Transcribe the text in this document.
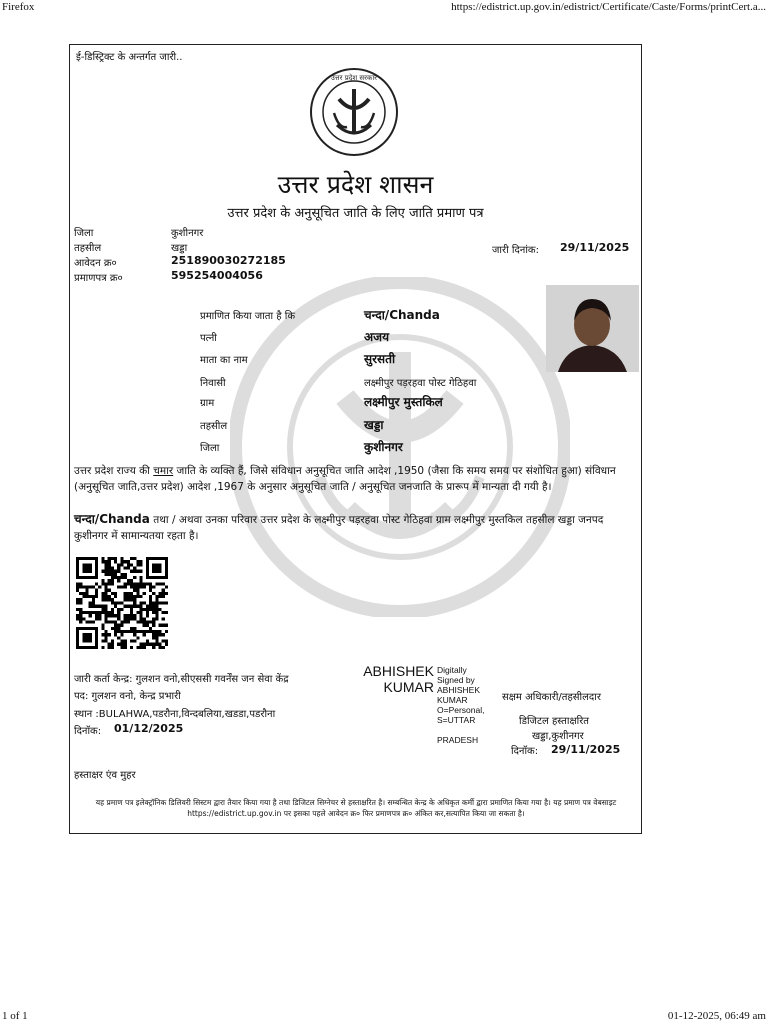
Firefox	https://edistrict.up.gov.in/edistrict/Certificate/Caste/Forms/printCert.a...
ई-डिस्ट्रिक्ट के अन्तर्गत जारी..
उत्तर प्रदेश सरकार
उत्तर प्रदेश शासन
उत्तर प्रदेश के अनुसूचित जाति के लिए जाति प्रमाण पत्र
जिला	कुशीनगर
तहसील	खड्डा
आवेदन क्र०	251890030272185
प्रमाणपत्र क्र०	595254004056
जारी दिनांक: 29/11/2025
प्रमाणित किया जाता है कि	चन्दा/Chanda
पत्नी	अजय
माता का नाम	सुरसती
निवासी	लक्ष्मीपुर पड़रहवा पोस्ट गेठिहवा
ग्राम	लक्ष्मीपुर मुस्तकिल
तहसील	खड्डा
जिला	कुशीनगर
उत्तर प्रदेश राज्य की चमार जाति के व्यक्ति हैं, जिसे संविधान अनुसूचित जाति आदेश ,1950 (जैसा कि समय समय पर संशोधित हुआ) संविधान (अनुसूचित जाति,उत्तर प्रदेश) आदेश ,1967 के अनुसार अनुसूचित जाति / अनुसूचित जनजाति के प्रारूप में मान्यता दी गयी है।
चन्दा/Chanda तथा / अथवा उनका परिवार उत्तर प्रदेश के लक्ष्मीपुर पड़रहवा पोस्ट गेठिहवा ग्राम लक्ष्मीपुर मुस्तकिल तहसील खड्डा जनपद कुशीनगर में सामान्यतया रहता है।
जारी कर्ता केन्द्र: गुलशन वनो,सीएससी गवर्नेंस जन सेवा केंद्र
पद: गुलशन वनो, केन्द्र प्रभारी
स्थान :BULAHWA,पडरौना,विन्दबलिया,खडडा,पडरौना
दिनॉक: 01/12/2025
ABHISHEK
KUMAR
Digitally
Signed by
ABHISHEK
KUMAR
O=Personal,
S=UTTAR
PRADESH
सक्षम अधिकारी/तहसीलदार
डिजिटल हस्ताक्षरित
खड्डा,कुशीनगर
दिनॉक: 29/11/2025
हस्ताक्षर एंव मुहर
यह प्रमाण पत्र इलेक्ट्रॉनिक डिलिवरी सिस्टम द्वारा तैयार किया गया है तथा डिजिटल सिग्नेचर से हस्ताक्षरित है। सम्बन्धित केन्द्र के अधिकृत कर्मी द्वारा प्रमाणित किया गया है। यह प्रमाण पत्र वेबसाइट https://edistrict.up.gov.in पर इसका पहले आवेदन क्र० फिर प्रमाणपत्र क्र० अंकित कर,सत्यापित किया जा सकता है।
1 of 1	01-12-2025, 06:49 am
